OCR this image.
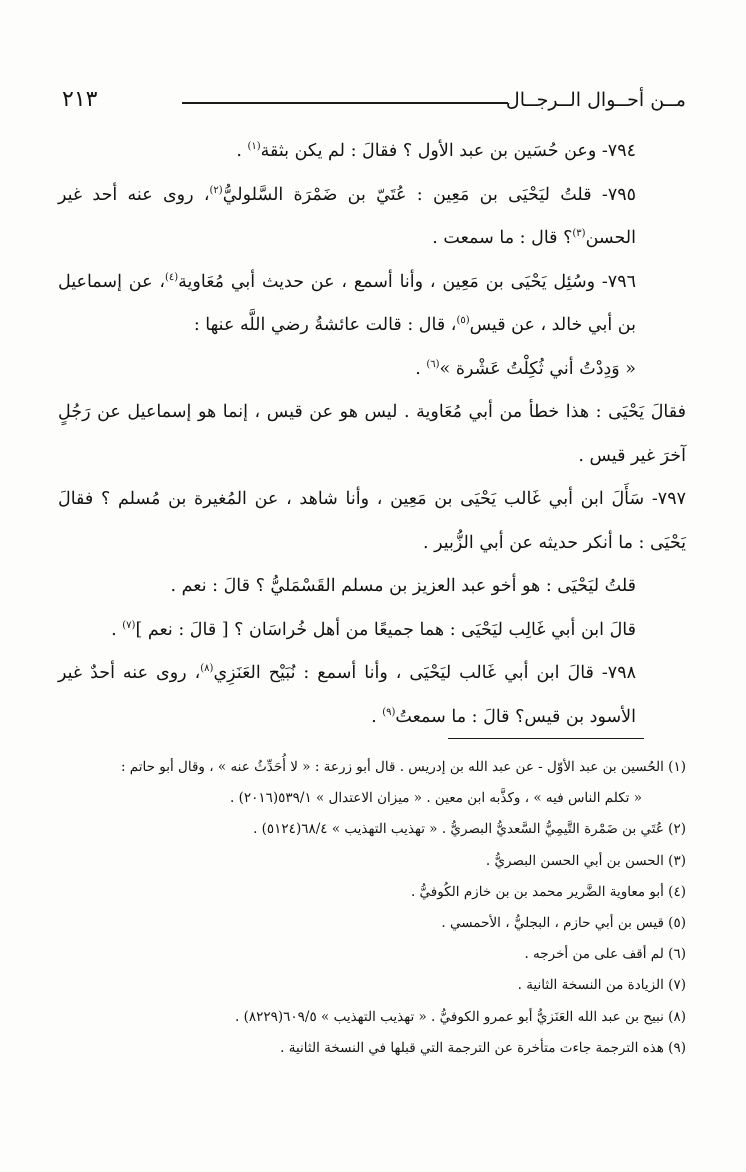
مــن أحــوال الــرجــال
٢١٣

٧٩٤- وعن حُسَين بن عبد الأول ؟ فقالَ : لم يكن بثقة$^{(١)}$ .

٧٩٥- قلتُ ليَحْيَى بن مَعِين : عُتَيّ بن ضَمْرَة السَّلوليُّ$^{(٢)}$، روى عنه أحد غير الحسن$^{(٣)}$؟ قال : ما سمعت .

٧٩٦- وسُئِل يَحْيَى بن مَعِين ، وأنا أسمع ، عن حديث أبي مُعَاوية$^{(٤)}$، عن إسماعيل بن أبي خالد ، عن قيس$^{(٥)}$، قال : قالت عائشةُ رضي اللَّه عنها :

« وَدِدْتُ أني ثُكِلْتُ عَشْرة »$^{(٦)}$ .

فقالَ يَحْيَى : هذا خطأ من أبي مُعَاوية . ليس هو عن قيس ، إنما هو إسماعيل عن رَجُلٍ آخرَ غير قيس .

٧٩٧- سَأَلَ ابن أبي غَالب يَحْيَى بن مَعِين ، وأنا شاهد ، عن المُغيرة بن مُسلم ؟ فقالَ يَحْيَى : ما أنكر حديثه عن أبي الزُّبير .

قلتُ ليَحْيَى : هو أخو عبد العزيز بن مسلم القَسْمَليُّ ؟ قالَ : نعم .

قالَ ابن أبي غَالِب ليَحْيَى : هما جميعًا من أهل خُراسَان ؟ [ قالَ : نعم ]$^{(٧)}$ .

٧٩٨- قالَ ابن أبي غَالب ليَحْيَى ، وأنا أسمع : نُبَيْح العَنَزِي$^{(٨)}$، روى عنه أحدٌ غير الأسود بن قيس؟ قالَ : ما سمعتُ$^{(٩)}$ .

(١) الحُسين بن عبد الأوّل - عن عبد الله بن إدريس . قال أبو زرعة : « لا أُحَدِّثُ عنه » ، وقال أبو حاتم :

« تكلم الناس فيه » ، وكذَّبه ابن معين . « ميزان الاعتدال » ٥٣٩/١(٢٠١٦) .

(٢) عُتَي بن ضَمْرة التَّيمِيُّ السَّعديُّ البصريُّ . « تهذيب التهذيب » ٦٨/٤(٥١٢٤) .

(٣) الحسن بن أبي الحسن البصريُّ .

(٤) أبو معاوية الضَّرير محمد بن بن خازم الكُوفيُّ .

(٥) قيس بن أبي حازم ، البجليُّ ، الأحمسي .

(٦) لم أقف على من أخرجه .

(٧) الزيادة من النسخة الثانية .

(٨) نبيح بن عبد الله العَنَزيُّ أبو عمرو الكوفيُّ . « تهذيب التهذيب » ٦٠٩/٥(٨٢٢٩) .

(٩) هذه الترجمة جاءت متأخرة عن الترجمة التي قبلها في النسخة الثانية .
